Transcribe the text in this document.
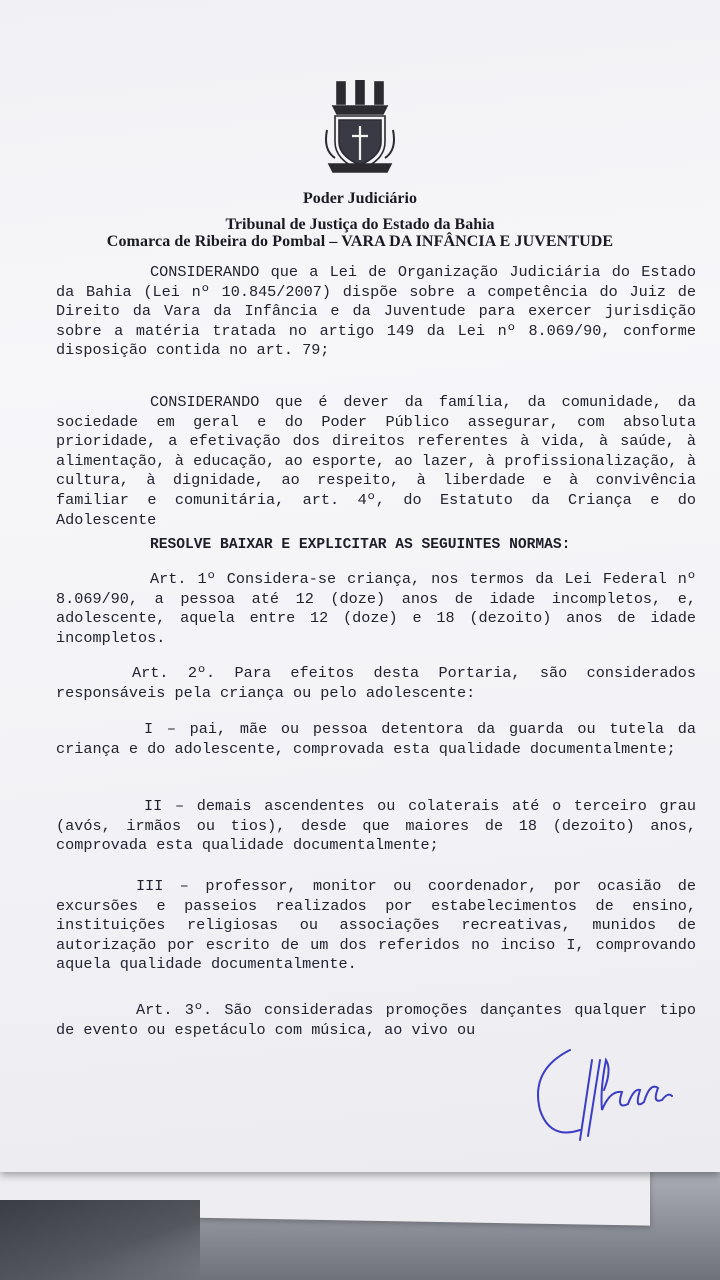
Poder Judiciário
Tribunal de Justiça do Estado da Bahia
Comarca de Ribeira do Pombal – VARA DA INFÂNCIA E JUVENTUDE
CONSIDERANDO que a Lei de Organização Judiciária do Estado da Bahia (Lei nº 10.845/2007) dispõe sobre a competência do Juiz de Direito da Vara da Infância e da Juventude para exercer jurisdição sobre a matéria tratada no artigo 149 da Lei nº 8.069/90, conforme disposição contida no art. 79;
CONSIDERANDO que é dever da família, da comunidade, da sociedade em geral e do Poder Público assegurar, com absoluta prioridade, a efetivação dos direitos referentes à vida, à saúde, à alimentação, à educação, ao esporte, ao lazer, à profissionalização, à cultura, à dignidade, ao respeito, à liberdade e à convivência familiar e comunitária, art. 4º, do Estatuto da Criança e do Adolescente
RESOLVE BAIXAR E EXPLICITAR AS SEGUINTES NORMAS:
Art. 1º Considera-se criança, nos termos da Lei Federal nº 8.069/90, a pessoa até 12 (doze) anos de idade incompletos, e, adolescente, aquela entre 12 (doze) e 18 (dezoito) anos de idade incompletos.
Art. 2º. Para efeitos desta Portaria, são considerados responsáveis pela criança ou pelo adolescente:
I – pai, mãe ou pessoa detentora da guarda ou tutela da criança e do adolescente, comprovada esta qualidade documentalmente;
II – demais ascendentes ou colaterais até o terceiro grau (avós, irmãos ou tios), desde que maiores de 18 (dezoito) anos, comprovada esta qualidade documentalmente;
III – professor, monitor ou coordenador, por ocasião de excursões e passeios realizados por estabelecimentos de ensino, instituições religiosas ou associações recreativas, munidos de autorização por escrito de um dos referidos no inciso I, comprovando aquela qualidade documentalmente.
Art. 3º. São consideradas promoções dançantes qualquer tipo de evento ou espetáculo com música, ao vivo ou
